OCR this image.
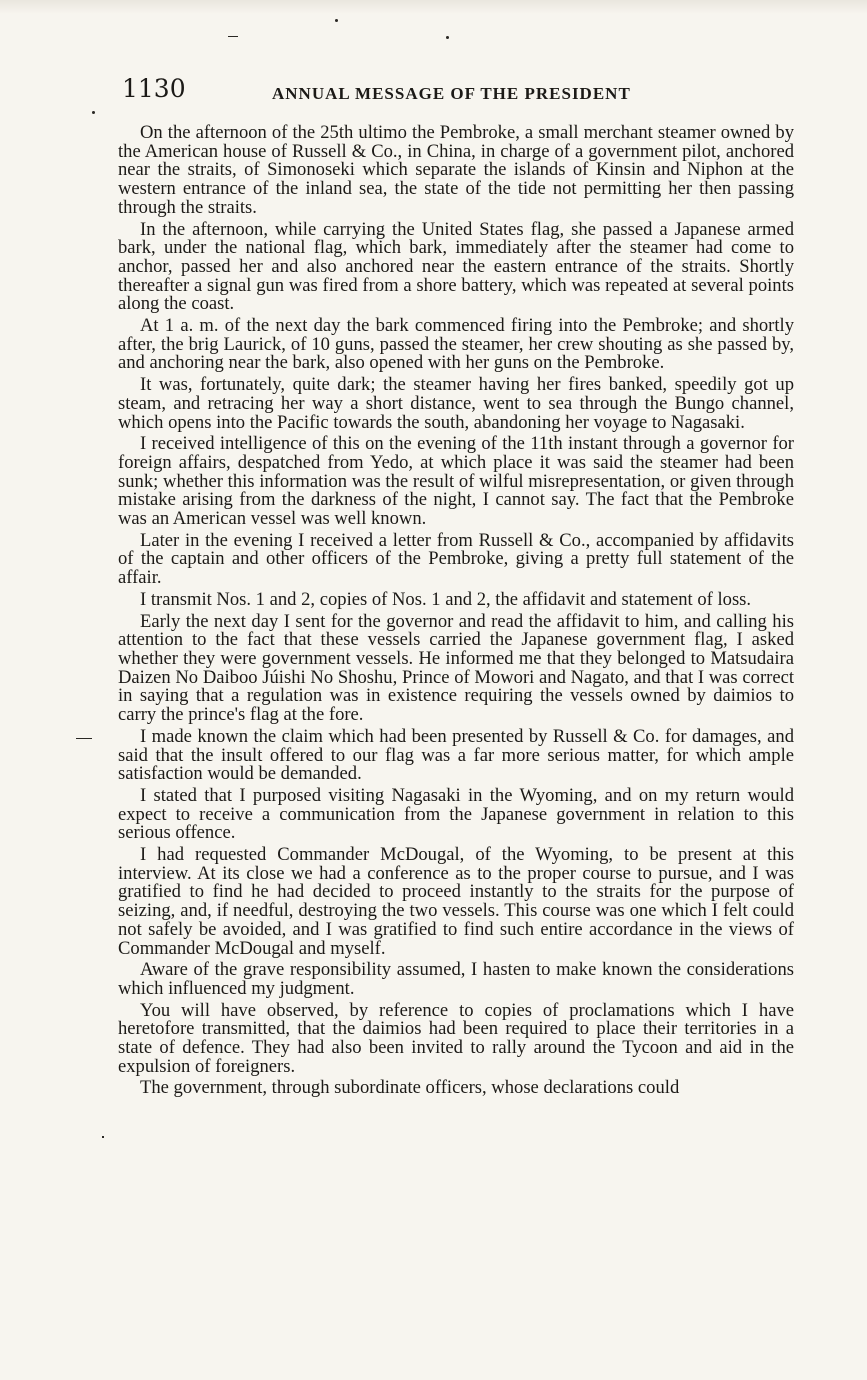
1130	ANNUAL MESSAGE OF THE PRESIDENT

On the afternoon of the 25th ultimo the Pembroke, a small merchant steamer owned by the American house of Russell & Co., in China, in charge of a government pilot, anchored near the straits, of Simonoseki which separate the islands of Kinsin and Niphon at the western entrance of the inland sea, the state of the tide not permitting her then passing through the straits.

In the afternoon, while carrying the United States flag, she passed a Japanese armed bark, under the national flag, which bark, immediately after the steamer had come to anchor, passed her and also anchored near the eastern entrance of the straits. Shortly thereafter a signal gun was fired from a shore battery, which was repeated at several points along the coast.

At 1 a. m. of the next day the bark commenced firing into the Pembroke; and shortly after, the brig Laurick, of 10 guns, passed the steamer, her crew shouting as she passed by, and anchoring near the bark, also opened with her guns on the Pembroke.

It was, fortunately, quite dark; the steamer having her fires banked, speedily got up steam, and retracing her way a short distance, went to sea through the Bungo channel, which opens into the Pacific towards the south, abandoning her voyage to Nagasaki.

I received intelligence of this on the evening of the 11th instant through a governor for foreign affairs, despatched from Yedo, at which place it was said the steamer had been sunk; whether this information was the result of wilful misrepresentation, or given through mistake arising from the darkness of the night, I cannot say. The fact that the Pembroke was an American vessel was well known.

Later in the evening I received a letter from Russell & Co., accompanied by affidavits of the captain and other officers of the Pembroke, giving a pretty full statement of the affair.

I transmit Nos. 1 and 2, copies of Nos. 1 and 2, the affidavit and statement of loss.

Early the next day I sent for the governor and read the affidavit to him, and calling his attention to the fact that these vessels carried the Japanese government flag, I asked whether they were government vessels. He informed me that they belonged to Matsudaira Daizen No Daiboo Júishi No Shoshu, Prince of Mowori and Nagato, and that I was correct in saying that a regulation was in existence requiring the vessels owned by daimios to carry the prince's flag at the fore.

I made known the claim which had been presented by Russell & Co. for damages, and said that the insult offered to our flag was a far more serious matter, for which ample satisfaction would be demanded.

I stated that I purposed visiting Nagasaki in the Wyoming, and on my return would expect to receive a communication from the Japanese government in relation to this serious offence.

I had requested Commander McDougal, of the Wyoming, to be present at this interview. At its close we had a conference as to the proper course to pursue, and I was gratified to find he had decided to proceed instantly to the straits for the purpose of seizing, and, if needful, destroying the two vessels. This course was one which I felt could not safely be avoided, and I was gratified to find such entire accordance in the views of Commander McDougal and myself.

Aware of the grave responsibility assumed, I hasten to make known the considerations which influenced my judgment.

You will have observed, by reference to copies of proclamations which I have heretofore transmitted, that the daimios had been required to place their territories in a state of defence. They had also been invited to rally around the Tycoon and aid in the expulsion of foreigners.

The government, through subordinate officers, whose declarations could
